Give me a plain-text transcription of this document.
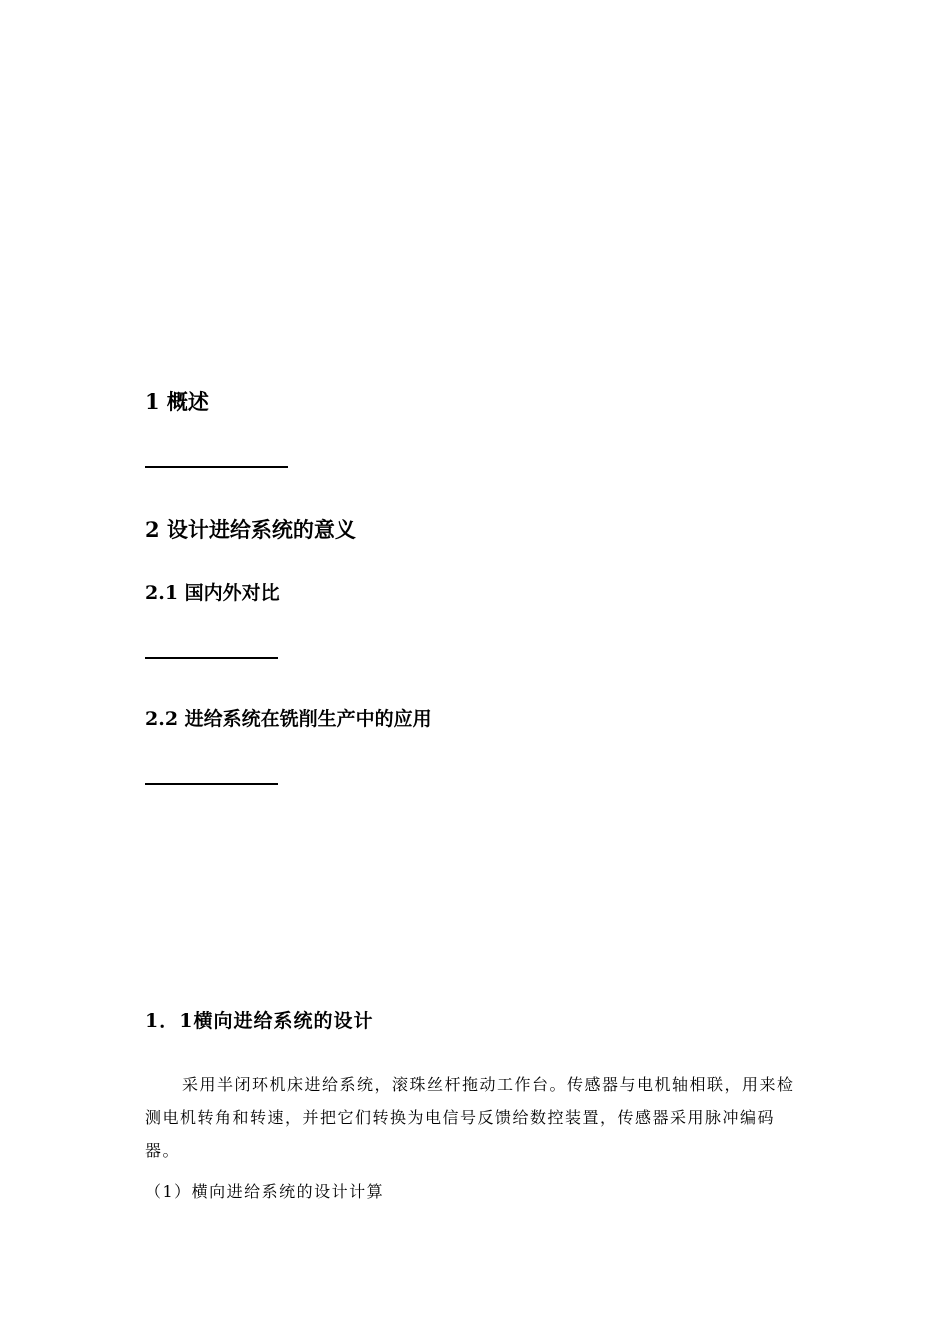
1 概述
2 设计进给系统的意义
2.1 国内外对比
2.2 进给系统在铣削生产中的应用
1．1横向进给系统的设计

采用半闭环机床进给系统，滚珠丝杆拖动工作台。传感器与电机轴相联，用来检测电机转角和转速，并把它们转换为电信号反馈给数控装置，传感器采用脉冲编码器。

（1）横向进给系统的设计计算
